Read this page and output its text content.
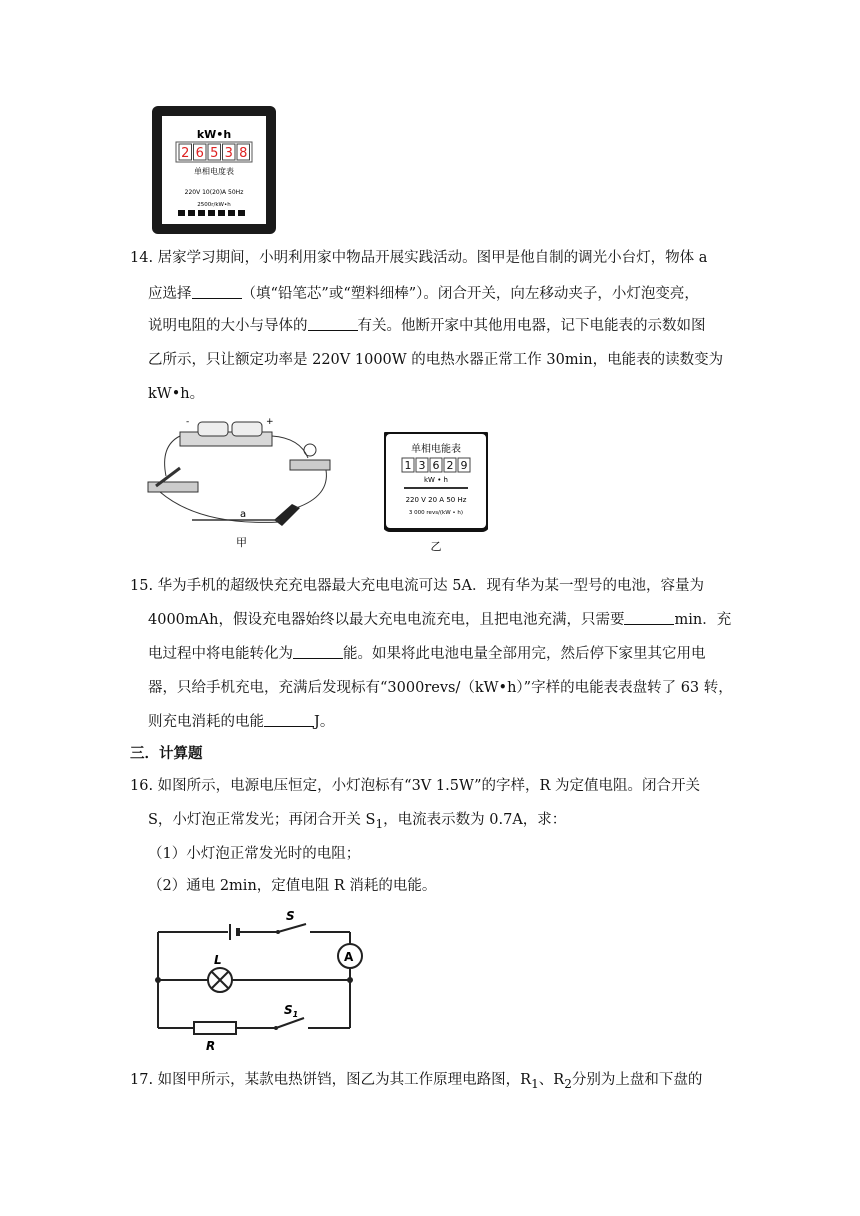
kW•h
2 6 5 3 8
单相电度表
220V 10(20)A 50Hz
2500r/kW•h
14. 居家学习期间，小明利用家中物品开展实践活动。图甲是他自制的调光小台灯，物体 a
应选择	（填“铅笔芯”或“塑料细棒”）。闭合开关，向左移动夹子，小灯泡变亮，
说明电阻的大小与导体的	有关。他断开家中其他用电器，记下电能表的示数如图
乙所示，只让额定功率是 220V 1000W 的电热水器正常工作 30min，电能表的读数变为
kW•h。
-	+
a
甲
单相电能表
1 3 6 2 9
kW • h
220 V 20 A 50 Hz
3 000 revs/(kW • h)
乙
15. 华为手机的超级快充充电器最大充电电流可达 5A．现有华为某一型号的电池，容量为
4000mAh，假设充电器始终以最大充电电流充电，且把电池充满，只需要	min．充
电过程中将电能转化为	能。如果将此电池电量全部用完，然后停下家里其它用电
器，只给手机充电，充满后发现标有“3000revs/（kW•h）”字样的电能表表盘转了 63 转，
则充电消耗的电能	J。
三．计算题
16. 如图所示，电源电压恒定，小灯泡标有“3V 1.5W”的字样，R 为定值电阻。闭合开关
S，小灯泡正常发光；再闭合开关 $S_1$，电流表示数为 0.7A，求：
（1）小灯泡正常发光时的电阻；
（2）通电 2min，定值电阻 R 消耗的电能。
S
L	A
$S_1$
R
17. 如图甲所示，某款电热饼铛，图乙为其工作原理电路图，$R_1$、$R_2$分别为上盘和下盘的
